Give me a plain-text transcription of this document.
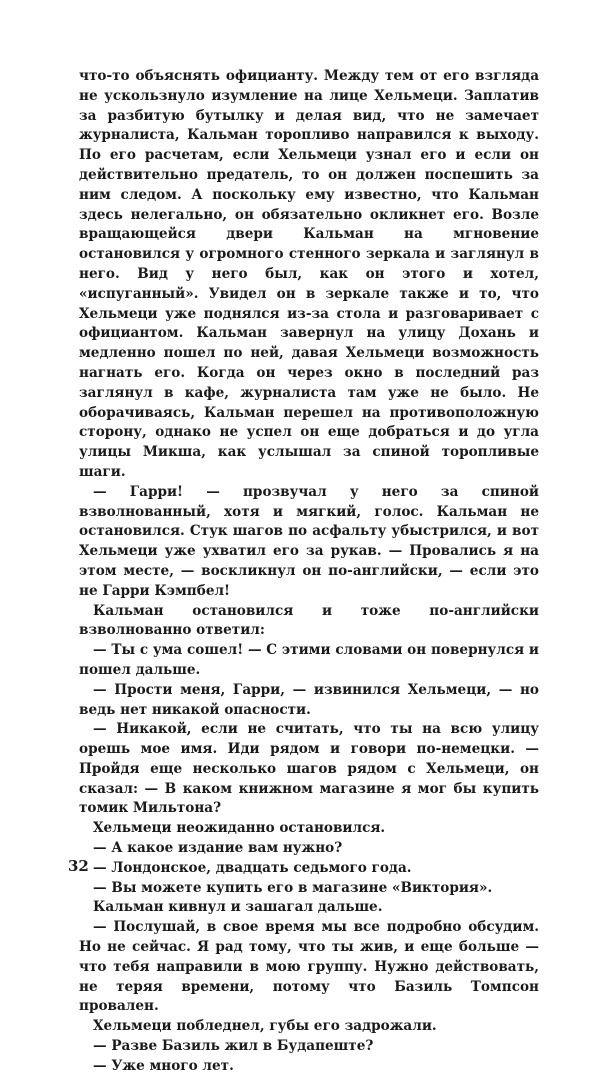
что-то объяснять официанту. Между тем от его взгляда не ускользнуло изумление на лице Хельмеци. Заплатив за разбитую бутылку и делая вид, что не замечает журналиста, Кальман торопливо направился к выходу. По его расчетам, если Хельмеци узнал его и если он действительно предатель, то он должен поспешить за ним следом. А поскольку ему известно, что Кальман здесь нелегально, он обязательно окликнет его. Возле вращающейся двери Кальман на мгновение остановился у огромного стенного зеркала и заглянул в него. Вид у него был, как он этого и хотел, «испуганный». Увидел он в зеркале также и то, что Хельмеци уже поднялся из-за стола и разговаривает с официантом. Кальман завернул на улицу Дохань и медленно пошел по ней, давая Хельмеци возможность нагнать его. Когда он через окно в последний раз заглянул в кафе, журналиста там уже не было. Не оборачиваясь, Кальман перешел на противоположную сторону, однако не успел он еще добраться и до угла улицы Микша, как услышал за спиной торопливые шаги.

— Гарри! — прозвучал у него за спиной взволнованный, хотя и мягкий, голос. Кальман не остановился. Стук шагов по асфальту убыстрился, и вот Хельмеци уже ухватил его за рукав. — Провались я на этом месте, — воскликнул он по-английски, — если это не Гарри Кэмпбел!

Кальман остановился и тоже по-английски взволнованно ответил:

— Ты с ума сошел! — С этими словами он повернулся и пошел дальше.

— Прости меня, Гарри, — извинился Хельмеци, — но ведь нет никакой опасности.

— Никакой, если не считать, что ты на всю улицу орешь мое имя. Иди рядом и говори по-немецки. — Пройдя еще несколько шагов рядом с Хельмеци, он сказал: — В каком книжном магазине я мог бы купить томик Мильтона?

Хельмеци неожиданно остановился.

— А какое издание вам нужно?

— Лондонское, двадцать седьмого года.

— Вы можете купить его в магазине «Виктория».

Кальман кивнул и зашагал дальше.

— Послушай, в свое время мы все подробно обсудим. Но не сейчас. Я рад тому, что ты жив, и еще больше — что тебя направили в мою группу. Нужно действовать, не теряя времени, потому что Базиль Томпсон провален.

Хельмеци побледнел, губы его задрожали.

— Разве Базиль жил в Будапеште?

— Уже много лет.

32
